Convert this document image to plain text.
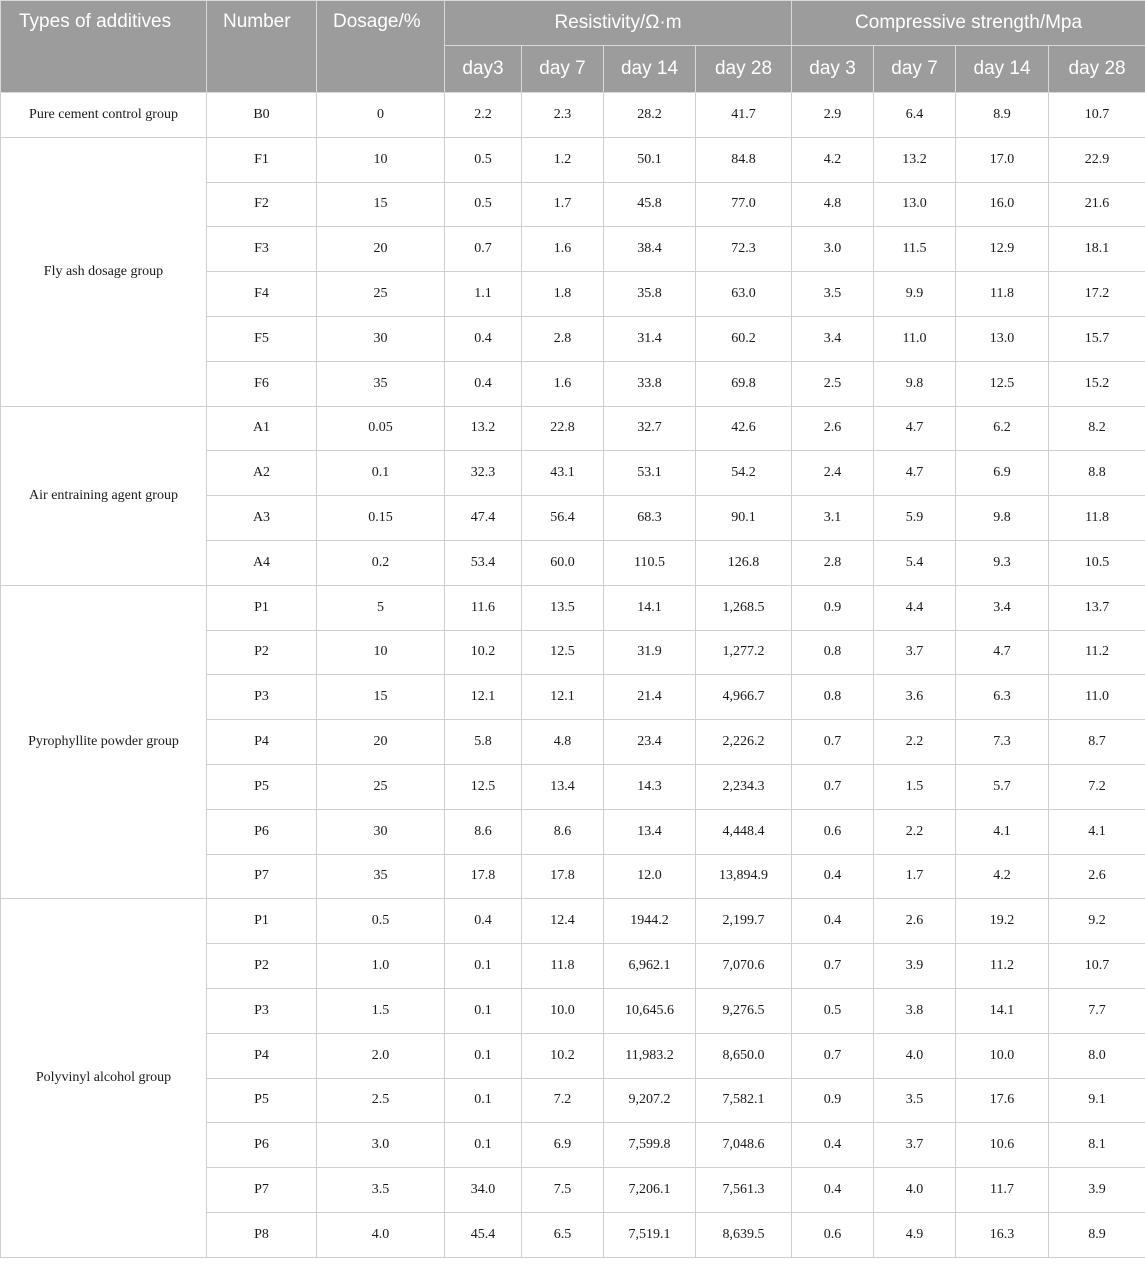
Types of additives	Number	Dosage/%	Resistivity/Ω·m				Compressive strength/Mpa			
			day3	day 7	day 14	day 28	day 3	day 7	day 14	day 28
Pure cement control group	B0	0	2.2	2.3	28.2	41.7	2.9	6.4	8.9	10.7
Fly ash dosage group	F1	10	0.5	1.2	50.1	84.8	4.2	13.2	17.0	22.9
	F2	15	0.5	1.7	45.8	77.0	4.8	13.0	16.0	21.6
	F3	20	0.7	1.6	38.4	72.3	3.0	11.5	12.9	18.1
	F4	25	1.1	1.8	35.8	63.0	3.5	9.9	11.8	17.2
	F5	30	0.4	2.8	31.4	60.2	3.4	11.0	13.0	15.7
	F6	35	0.4	1.6	33.8	69.8	2.5	9.8	12.5	15.2
Air entraining agent group	A1	0.05	13.2	22.8	32.7	42.6	2.6	4.7	6.2	8.2
	A2	0.1	32.3	43.1	53.1	54.2	2.4	4.7	6.9	8.8
	A3	0.15	47.4	56.4	68.3	90.1	3.1	5.9	9.8	11.8
	A4	0.2	53.4	60.0	110.5	126.8	2.8	5.4	9.3	10.5
Pyrophyllite powder group	P1	5	11.6	13.5	14.1	1,268.5	0.9	4.4	3.4	13.7
	P2	10	10.2	12.5	31.9	1,277.2	0.8	3.7	4.7	11.2
	P3	15	12.1	12.1	21.4	4,966.7	0.8	3.6	6.3	11.0
	P4	20	5.8	4.8	23.4	2,226.2	0.7	2.2	7.3	8.7
	P5	25	12.5	13.4	14.3	2,234.3	0.7	1.5	5.7	7.2
	P6	30	8.6	8.6	13.4	4,448.4	0.6	2.2	4.1	4.1
	P7	35	17.8	17.8	12.0	13,894.9	0.4	1.7	4.2	2.6
Polyvinyl alcohol group	P1	0.5	0.4	12.4	1944.2	2,199.7	0.4	2.6	19.2	9.2
	P2	1.0	0.1	11.8	6,962.1	7,070.6	0.7	3.9	11.2	10.7
	P3	1.5	0.1	10.0	10,645.6	9,276.5	0.5	3.8	14.1	7.7
	P4	2.0	0.1	10.2	11,983.2	8,650.0	0.7	4.0	10.0	8.0
	P5	2.5	0.1	7.2	9,207.2	7,582.1	0.9	3.5	17.6	9.1
	P6	3.0	0.1	6.9	7,599.8	7,048.6	0.4	3.7	10.6	8.1
	P7	3.5	34.0	7.5	7,206.1	7,561.3	0.4	4.0	11.7	3.9
	P8	4.0	45.4	6.5	7,519.1	8,639.5	0.6	4.9	16.3	8.9
